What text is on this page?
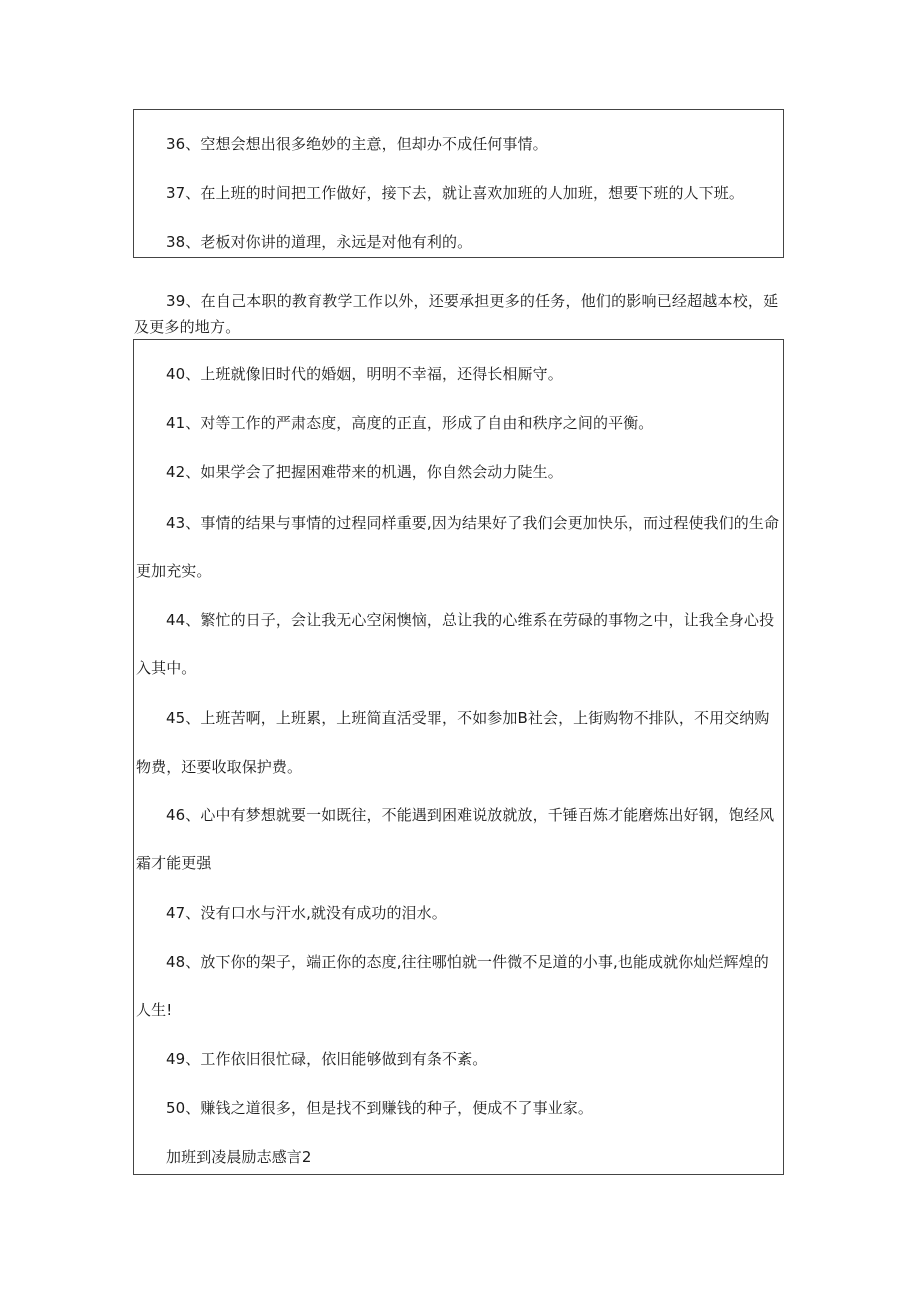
36、空想会想出很多绝妙的主意，但却办不成任何事情。
37、在上班的时间把工作做好，接下去，就让喜欢加班的人加班，想要下班的人下班。
38、老板对你讲的道理，永远是对他有利的。
39、在自己本职的教育教学工作以外，还要承担更多的任务，他们的影响已经超越本校，延及更多的地方。
40、上班就像旧时代的婚姻，明明不幸福，还得长相厮守。
41、对等工作的严肃态度，高度的正直，形成了自由和秩序之间的平衡。
42、如果学会了把握困难带来的机遇，你自然会动力陡生。
43、事情的结果与事情的过程同样重要,因为结果好了我们会更加快乐，而过程使我们的生命
更加充实。
44、繁忙的日子，会让我无心空闲懊恼，总让我的心维系在劳碌的事物之中，让我全身心投
入其中。
45、上班苦啊，上班累，上班简直活受罪，不如参加B社会，上街购物不排队，不用交纳购
物费，还要收取保护费。
46、心中有梦想就要一如既往，不能遇到困难说放就放，千锤百炼才能磨炼出好钢，饱经风
霜才能更强
47、没有口水与汗水,就没有成功的泪水。
48、放下你的架子，端正你的态度,往往哪怕就一件微不足道的小事,也能成就你灿烂辉煌的
人生!
49、工作依旧很忙碌，依旧能够做到有条不紊。
50、赚钱之道很多，但是找不到赚钱的种子，便成不了事业家。
加班到凌晨励志感言2
